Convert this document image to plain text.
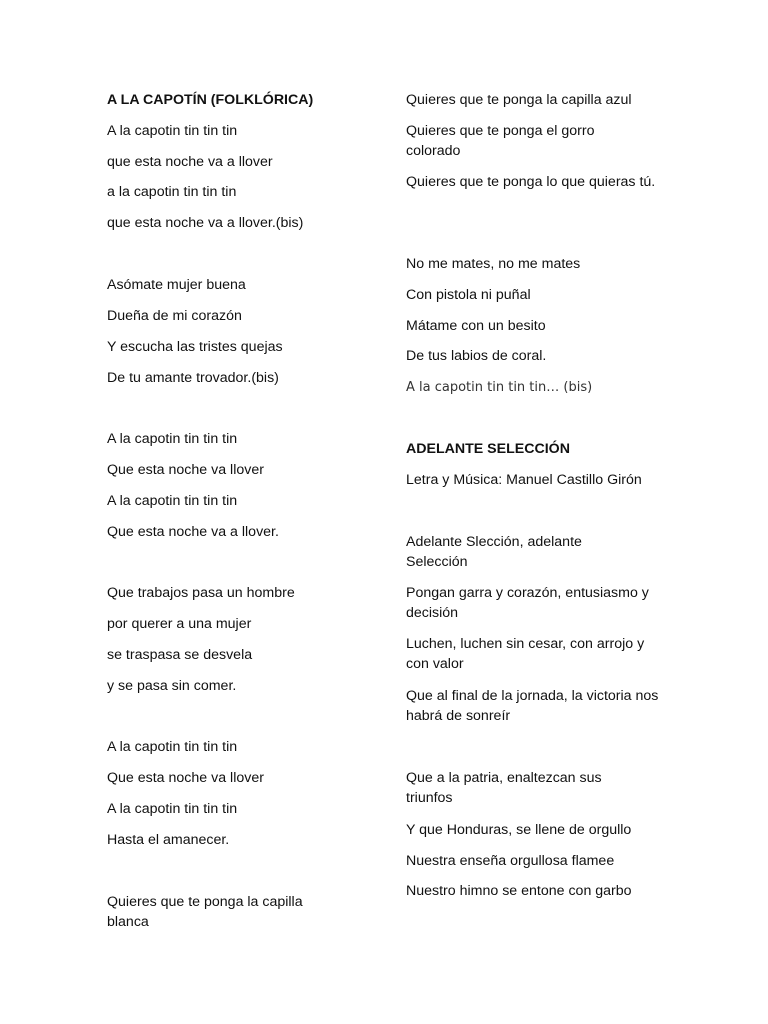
A LA CAPOTÍN (FOLKLÓRICA)
A la capotin tin tin tin
que esta noche va a llover
a la capotin tin tin tin
que esta noche va a llover.(bis)
Asómate mujer buena
Dueña de mi corazón
Y escucha las tristes quejas
De tu amante trovador.(bis)
A la capotin tin tin tin
Que esta noche va llover
A la capotin tin tin tin
Que esta noche va a llover.
Que trabajos pasa un hombre
por querer a una mujer
se traspasa se desvela
y se pasa sin comer.
A la capotin tin tin tin
Que esta noche va llover
A la capotin tin tin tin
Hasta el amanecer.
Quieres que te ponga la capilla blanca
Quieres que te ponga la capilla azul
Quieres que te ponga el gorro colorado
Quieres que te ponga lo que quieras tú.
No me mates, no me mates
Con pistola ni puñal
Mátame con un besito
De tus labios de coral.
A la capotin tin tin tin… (bis)
ADELANTE SELECCIÓN
Letra y Música: Manuel Castillo Girón
Adelante Slección, adelante Selección
Pongan garra y corazón, entusiasmo y decisión
Luchen, luchen sin cesar, con arrojo y con valor
Que al final de la jornada, la victoria nos habrá de sonreír
Que a la patria, enaltezcan sus triunfos
Y que Honduras, se llene de orgullo
Nuestra enseña orgullosa flamee
Nuestro himno se entone con garbo
